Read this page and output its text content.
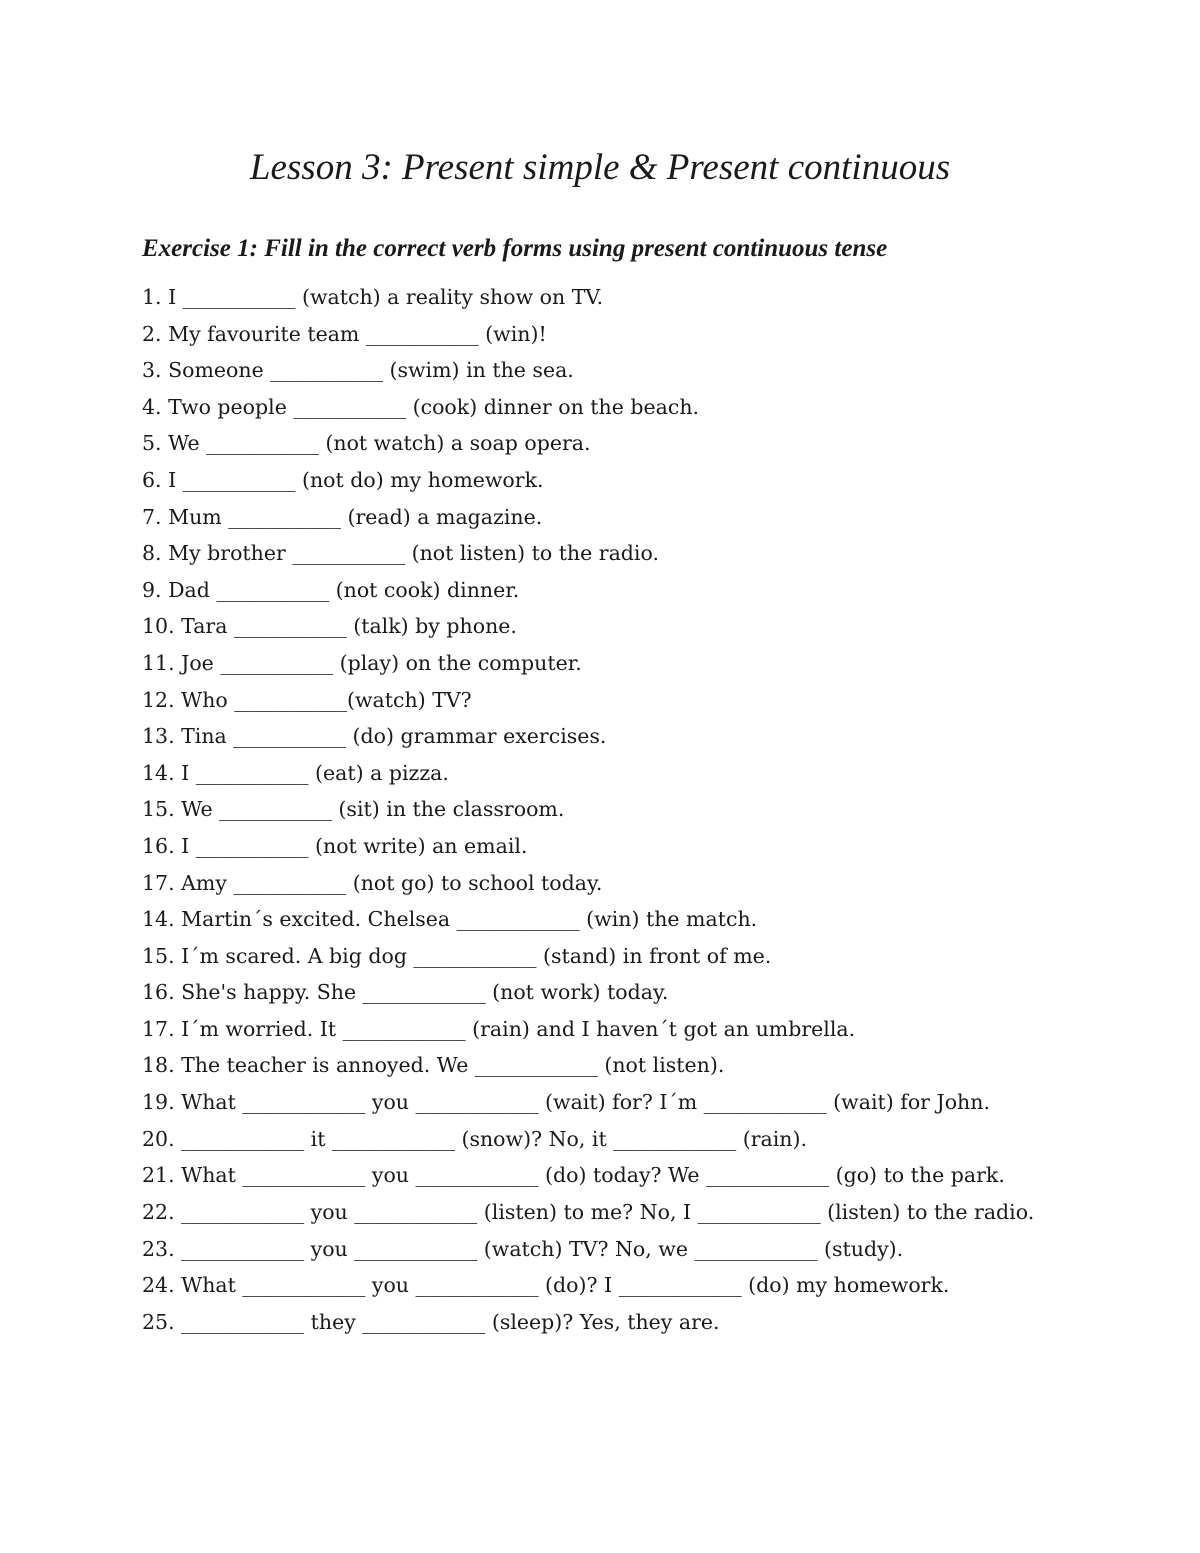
Lesson 3: Present simple & Present continuous
Exercise 1: Fill in the correct verb forms using present continuous tense
1. I ___________ (watch) a reality show on TV.
2. My favourite team ___________ (win)!
3. Someone ___________ (swim) in the sea.
4. Two people ___________ (cook) dinner on the beach.
5. We ___________ (not watch) a soap opera.
6. I ___________ (not do) my homework.
7. Mum ___________ (read) a magazine.
8. My brother ___________ (not listen) to the radio.
9. Dad ___________ (not cook) dinner.
10. Tara ___________ (talk) by phone.
11. Joe ___________ (play) on the computer.
12. Who ___________(watch) TV?
13. Tina ___________ (do) grammar exercises.
14. I ___________ (eat) a pizza.
15. We ___________ (sit) in the classroom.
16. I ___________ (not write) an email.
17. Amy ___________ (not go) to school today.
14. Martin´s excited. Chelsea ____________ (win) the match.
15. I´m scared. A big dog ____________ (stand) in front of me.
16. She's happy. She ____________ (not work) today.
17. I´m worried. It ____________ (rain) and I haven´t got an umbrella.
18. The teacher is annoyed. We ____________ (not listen).
19. What ____________ you ____________ (wait) for? I´m ____________ (wait) for John.
20. ____________ it ____________ (snow)? No, it ____________ (rain).
21. What ____________ you ____________ (do) today? We ____________ (go) to the park.
22. ____________ you ____________ (listen) to me? No, I ____________ (listen) to the radio.
23. ____________ you ____________ (watch) TV? No, we ____________ (study).
24. What ____________ you ____________ (do)? I ____________ (do) my homework.
25. ____________ they ____________ (sleep)? Yes, they are.
